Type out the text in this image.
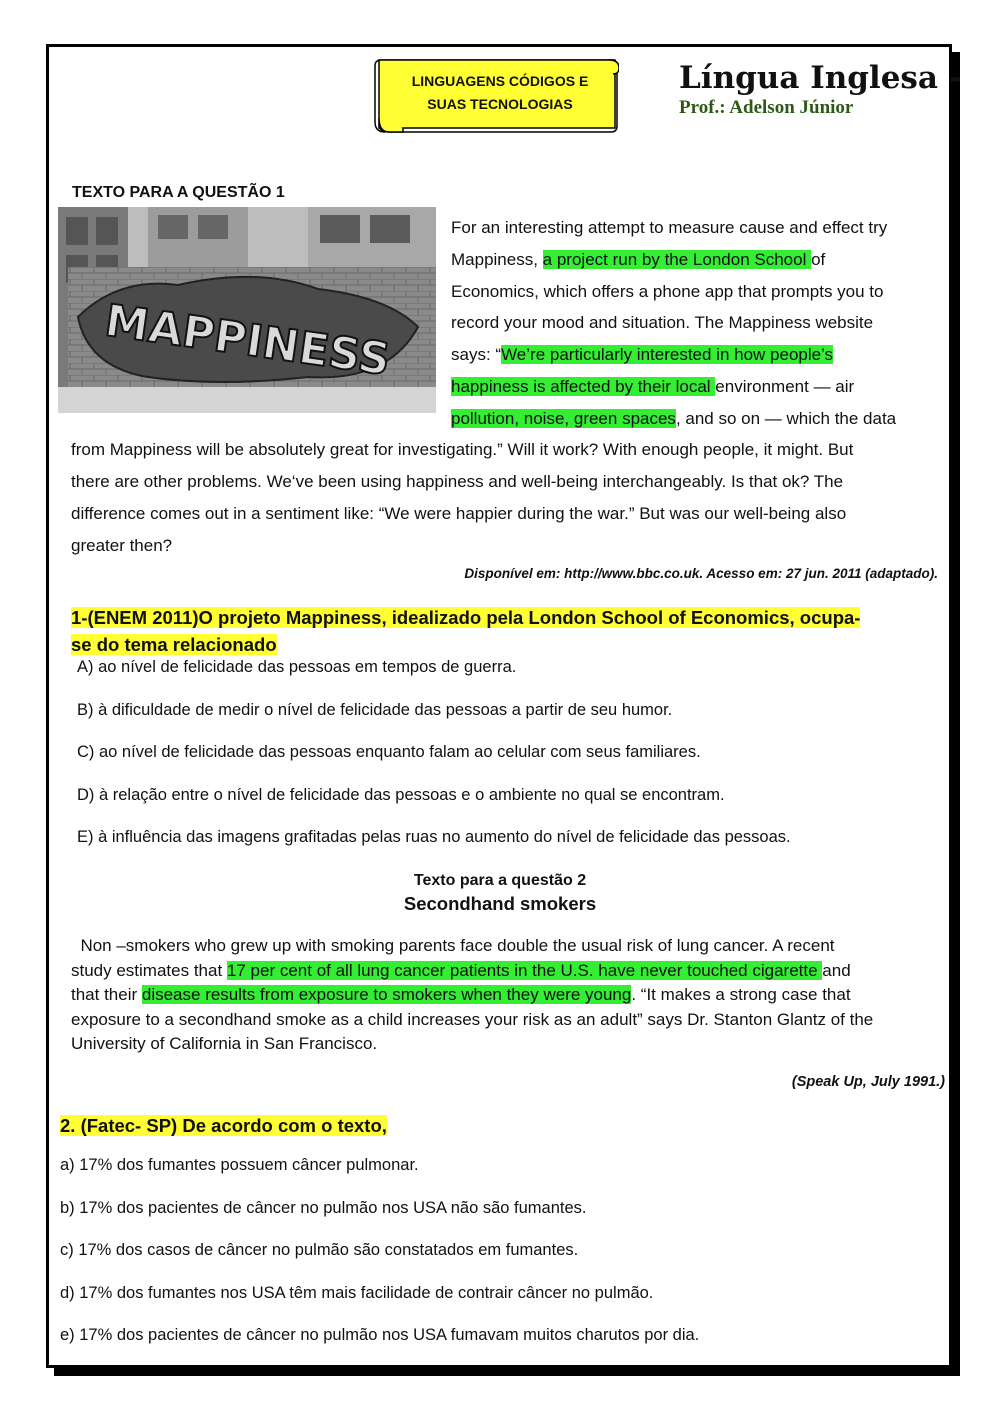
LINGUAGENS CÓDIGOS E
SUAS TECNOLOGIAS
Língua Inglesa -
Prof.: Adelson Júnior
TEXTO PARA A QUESTÃO 1
MAPPINESS
For an interesting attempt to measure cause and effect try
Mappiness, a project run by the London School of
Economics, which offers a phone app that prompts you to
record your mood and situation. The Mappiness website
says: “We’re particularly interested in how people’s
happiness is affected by their local environment — air
pollution, noise, green spaces, and so on — which the data
from Mappiness will be absolutely great for investigating.” Will it work? With enough people, it might. But
there are other problems. We‘ve been using happiness and well-being interchangeably. Is that ok? The
difference comes out in a sentiment like: “We were happier during the war.” But was our well-being also
greater then?
Disponível em: http://www.bbc.co.uk. Acesso em: 27 jun. 2011 (adaptado).
1-(ENEM 2011)O projeto Mappiness, idealizado pela London School of Economics, ocupa-
se do tema relacionado
A) ao nível de felicidade das pessoas em tempos de guerra.
B) à dificuldade de medir o nível de felicidade das pessoas a partir de seu humor.
C) ao nível de felicidade das pessoas enquanto falam ao celular com seus familiares.
D) à relação entre o nível de felicidade das pessoas e o ambiente no qual se encontram.
E) à influência das imagens grafitadas pelas ruas no aumento do nível de felicidade das pessoas.
Texto para a questão 2
Secondhand smokers
Non –smokers who grew up with smoking parents face double the usual risk of lung cancer. A recent
study estimates that 17 per cent of all lung cancer patients in the U.S. have never touched cigarette and
that their disease results from exposure to smokers when they were young. “It makes a strong case that
exposure to a secondhand smoke as a child increases your risk as an adult” says Dr. Stanton Glantz of the
University of California in San Francisco.
(Speak Up, July 1991.)
2. (Fatec- SP) De acordo com o texto,
a) 17% dos fumantes possuem câncer pulmonar.
b) 17% dos pacientes de câncer no pulmão nos USA não são fumantes.
c) 17% dos casos de câncer no pulmão são constatados em fumantes.
d) 17% dos fumantes nos USA têm mais facilidade de contrair câncer no pulmão.
e) 17% dos pacientes de câncer no pulmão nos USA fumavam muitos charutos por dia.
